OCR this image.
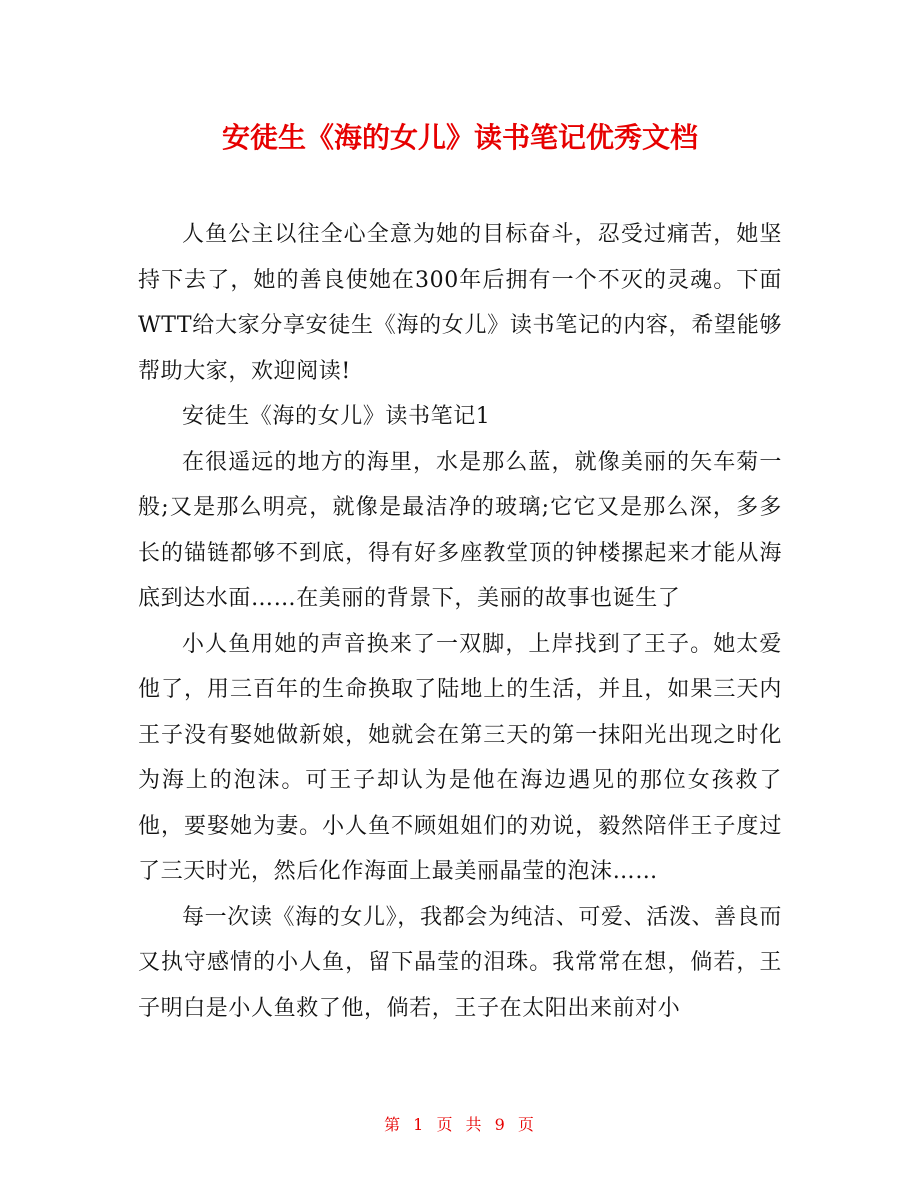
安徒生《海的女儿》读书笔记优秀文档

人鱼公主以往全心全意为她的目标奋斗，忍受过痛苦，她坚持下去了，她的善良使她在300年后拥有一个不灭的灵魂。下面WTT给大家分享安徒生《海的女儿》读书笔记的内容，希望能够帮助大家，欢迎阅读!

安徒生《海的女儿》读书笔记1

在很遥远的地方的海里，水是那么蓝，就像美丽的矢车菊一般;又是那么明亮，就像是最洁净的玻璃;它它又是那么深，多多长的锚链都够不到底，得有好多座教堂顶的钟楼摞起来才能从海底到达水面……在美丽的背景下，美丽的故事也诞生了

小人鱼用她的声音换来了一双脚，上岸找到了王子。她太爱他了，用三百年的生命换取了陆地上的生活，并且，如果三天内王子没有娶她做新娘，她就会在第三天的第一抹阳光出现之时化为海上的泡沫。可王子却认为是他在海边遇见的那位女孩救了他，要娶她为妻。小人鱼不顾姐姐们的劝说，毅然陪伴王子度过了三天时光，然后化作海面上最美丽晶莹的泡沫……

每一次读《海的女儿》，我都会为纯洁、可爱、活泼、善良而又执守感情的小人鱼，留下晶莹的泪珠。我常常在想，倘若，王子明白是小人鱼救了他，倘若，王子在太阳出来前对小

第 1 页 共 9 页
